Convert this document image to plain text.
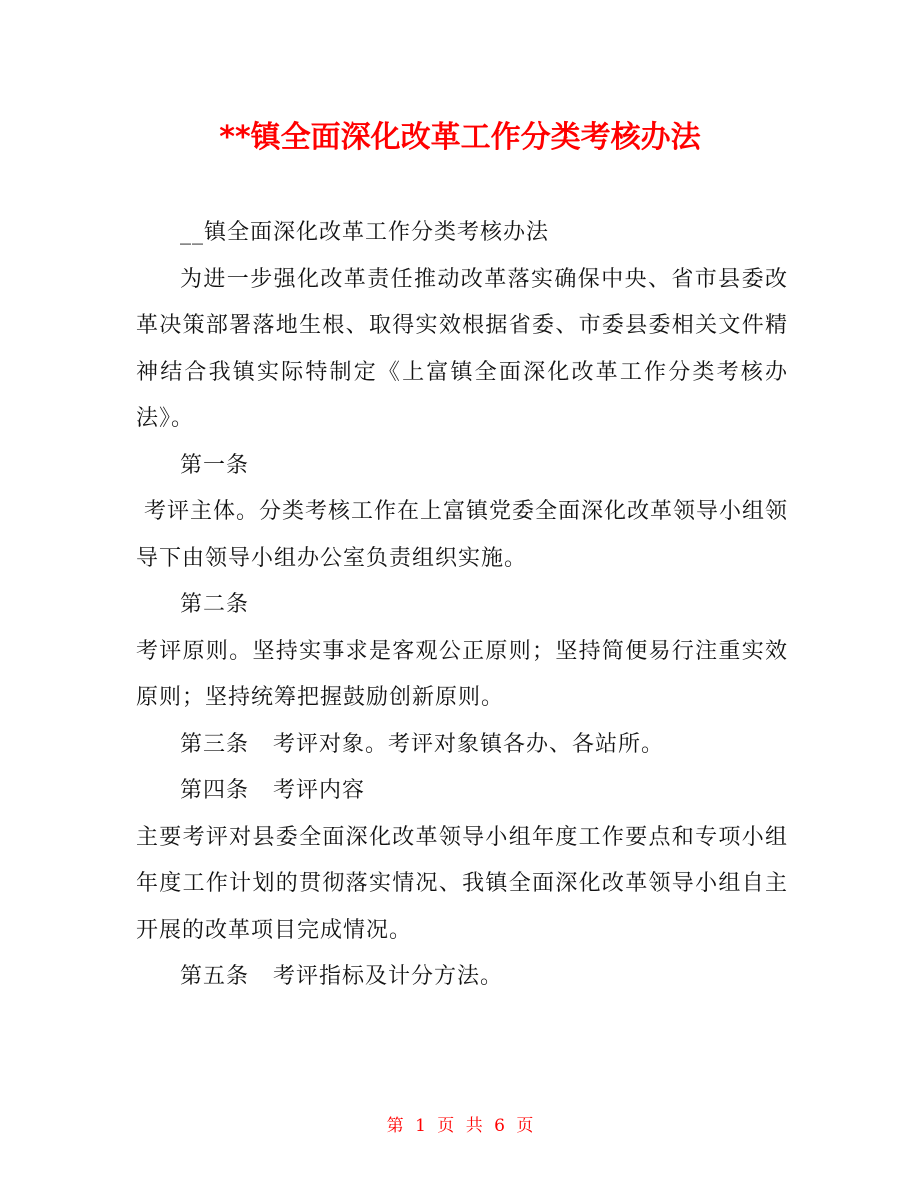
**镇全面深化改革工作分类考核办法

__镇全面深化改革工作分类考核办法

为进一步强化改革责任推动改革落实确保中央、省市县委改革决策部署落地生根、取得实效根据省委、市委县委相关文件精神结合我镇实际特制定《上富镇全面深化改革工作分类考核办法》。

第一条

考评主体。分类考核工作在上富镇党委全面深化改革领导小组领导下由领导小组办公室负责组织实施。

第二条

考评原则。坚持实事求是客观公正原则；坚持简便易行注重实效原则；坚持统筹把握鼓励创新原则。

第三条   考评对象。考评对象镇各办、各站所。

第四条   考评内容

主要考评对县委全面深化改革领导小组年度工作要点和专项小组年度工作计划的贯彻落实情况、我镇全面深化改革领导小组自主开展的改革项目完成情况。

第五条   考评指标及计分方法。

第 1 页 共 6 页
